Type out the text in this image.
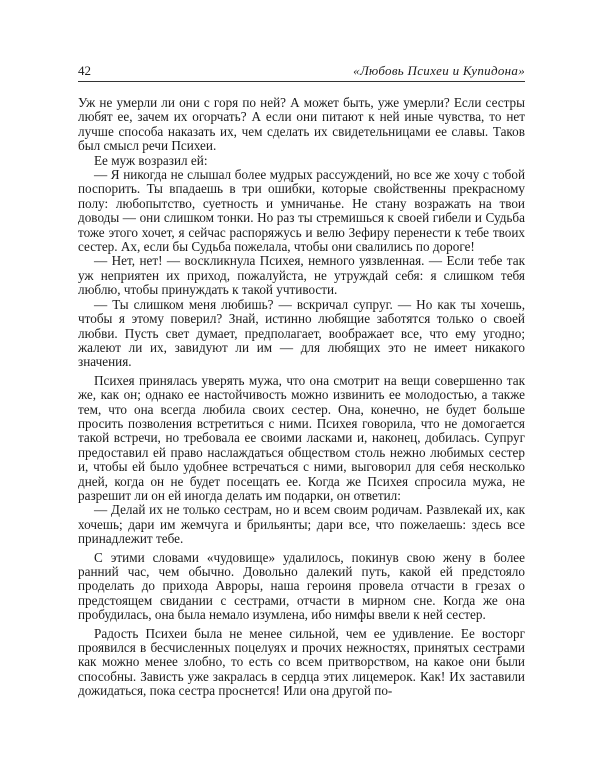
42	«Любовь Психеи и Купидона»

Уж не умерли ли они с горя по ней? А может быть, уже умерли? Если сестры любят ее, зачем их огорчать? А если они питают к ней иные чувства, то нет лучше способа наказать их, чем сделать их свидетельницами ее славы. Таков был смысл речи Психеи.

Ее муж возразил ей:

— Я никогда не слышал более мудрых рассуждений, но все же хочу с тобой поспорить. Ты впадаешь в три ошибки, которые свойственны прекрасному полу: любопытство, суетность и умничанье. Не стану возражать на твои доводы — они слишком тонки. Но раз ты стремишься к своей гибели и Судьба тоже этого хочет, я сейчас распоряжусь и велю Зефиру перенести к тебе твоих сестер. Ах, если бы Судьба пожелала, чтобы они свалились по дороге!

— Нет, нет! — воскликнула Психея, немного уязвленная. — Если тебе так уж неприятен их приход, пожалуйста, не утруждай себя: я слишком тебя люблю, чтобы принуждать к такой учтивости.

— Ты слишком меня любишь? — вскричал супруг. — Но как ты хочешь, чтобы я этому поверил? Знай, истинно любящие заботятся только о своей любви. Пусть свет думает, предполагает, воображает все, что ему угодно; жалеют ли их, завидуют ли им — для любящих это не имеет никакого значения.

Психея принялась уверять мужа, что она смотрит на вещи совершенно так же, как он; однако ее настойчивость можно извинить ее молодостью, а также тем, что она всегда любила своих сестер. Она, конечно, не будет больше просить позволения встретиться с ними. Психея говорила, что не домогается такой встречи, но требовала ее своими ласками и, наконец, добилась. Супруг предоставил ей право наслаждаться обществом столь нежно любимых сестер и, чтобы ей было удобнее встречаться с ними, выговорил для себя несколько дней, когда он не будет посещать ее. Когда же Психея спросила мужа, не разрешит ли он ей иногда делать им подарки, он ответил:

— Делай их не только сестрам, но и всем своим родичам. Развлекай их, как хочешь; дари им жемчуга и брильянты; дари все, что пожелаешь: здесь все принадлежит тебе.

С этими словами «чудовище» удалилось, покинув свою жену в более ранний час, чем обычно. Довольно далекий путь, какой ей предстояло проделать до прихода Авроры, наша героиня провела отчасти в грезах о предстоящем свидании с сестрами, отчасти в мирном сне. Когда же она пробудилась, она была немало изумлена, ибо нимфы ввели к ней сестер.

Радость Психеи была не менее сильной, чем ее удивление. Ее восторг проявился в бесчисленных поцелуях и прочих нежностях, принятых сестрами как можно менее злобно, то есть со всем притворством, на какое они были способны. Зависть уже закралась в сердца этих лицемерок. Как! Их заставили дожидаться, пока сестра проснется! Или она другой по-
